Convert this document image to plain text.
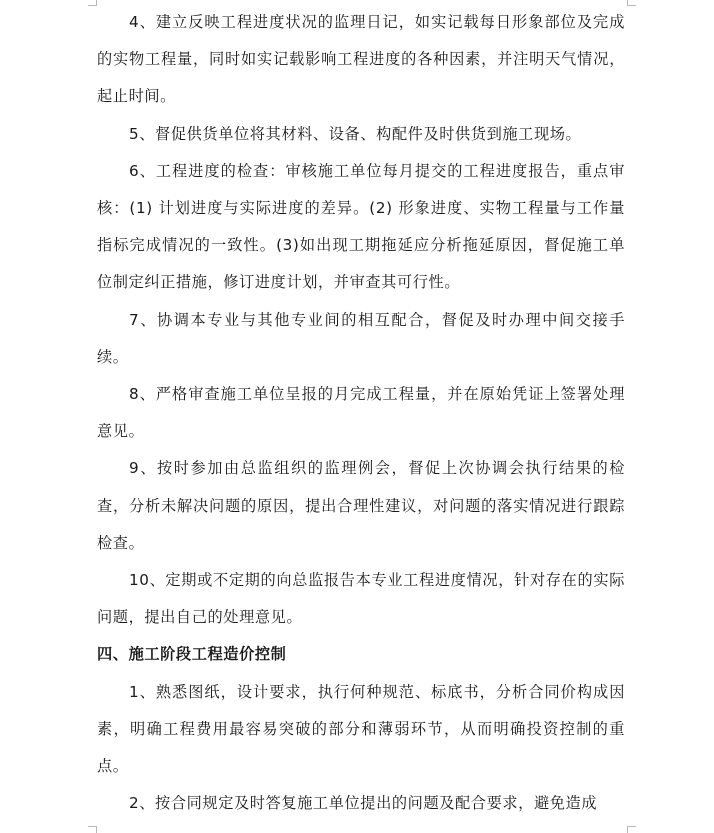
4、建立反映工程进度状况的监理日记，如实记载每日形象部位及完成的实物工程量，同时如实记载影响工程进度的各种因素，并注明天气情况，起止时间。

5、督促供货单位将其材料、设备、构配件及时供货到施工现场。

6、工程进度的检查：审核施工单位每月提交的工程进度报告，重点审核：(1) 计划进度与实际进度的差异。(2) 形象进度、实物工程量与工作量指标完成情况的一致性。(3)如出现工期拖延应分析拖延原因，督促施工单位制定纠正措施，修订进度计划，并审查其可行性。

7、协调本专业与其他专业间的相互配合，督促及时办理中间交接手续。

8、严格审查施工单位呈报的月完成工程量，并在原始凭证上签署处理意见。

9、按时参加由总监组织的监理例会，督促上次协调会执行结果的检查，分析未解决问题的原因，提出合理性建议，对问题的落实情况进行跟踪检查。

10、定期或不定期的向总监报告本专业工程进度情况，针对存在的实际问题，提出自己的处理意见。

四、施工阶段工程造价控制

1、熟悉图纸，设计要求，执行何种规范、标底书，分析合同价构成因素，明确工程费用最容易突破的部分和薄弱环节，从而明确投资控制的重点。

2、按合同规定及时答复施工单位提出的问题及配合要求，避免造成
